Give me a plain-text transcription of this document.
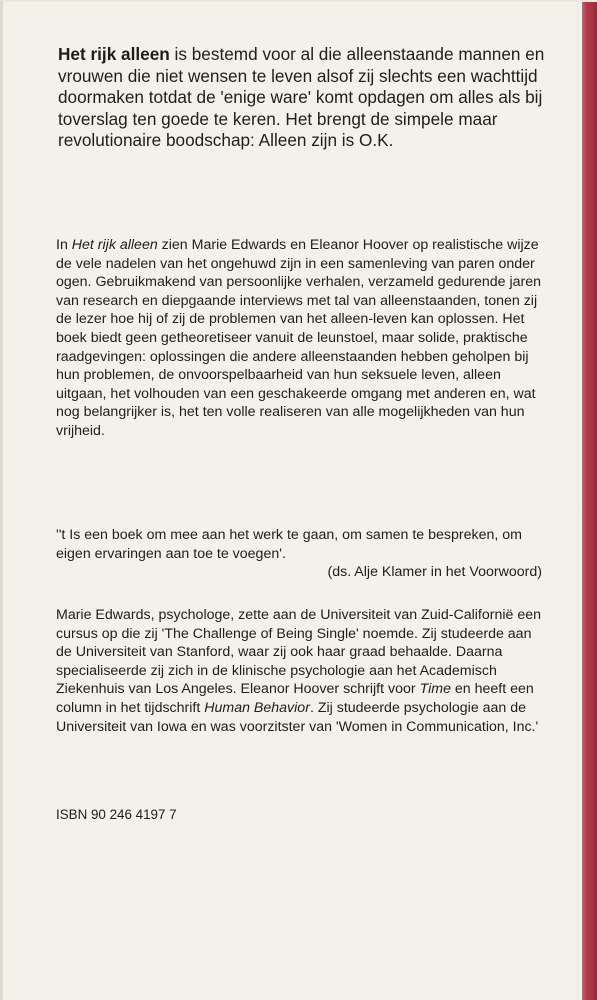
Het rijk alleen is bestemd voor al die alleenstaande mannen en vrouwen die niet wensen te leven alsof zij slechts een wachttijd doormaken totdat de 'enige ware' komt opdagen om alles als bij toverslag ten goede te keren. Het brengt de simpele maar revolutionaire boodschap: Alleen zijn is O.K.

In Het rijk alleen zien Marie Edwards en Eleanor Hoover op realistische wijze de vele nadelen van het ongehuwd zijn in een samenleving van paren onder ogen. Gebruikmakend van persoonlijke verhalen, verzameld gedurende jaren van research en diepgaande interviews met tal van alleenstaanden, tonen zij de lezer hoe hij of zij de problemen van het alleen-leven kan oplossen. Het boek biedt geen getheoretiseer vanuit de leunstoel, maar solide, praktische raadgevingen: oplossingen die andere alleenstaanden hebben geholpen bij hun problemen, de onvoorspelbaarheid van hun seksuele leven, alleen uitgaan, het volhouden van een geschakeerde omgang met anderen en, wat nog belangrijker is, het ten volle realiseren van alle mogelijkheden van hun vrijheid.

''t Is een boek om mee aan het werk te gaan, om samen te bespreken, om eigen ervaringen aan toe te voegen'.
(ds. Alje Klamer in het Voorwoord)

Marie Edwards, psychologe, zette aan de Universiteit van Zuid-Californië een cursus op die zij 'The Challenge of Being Single' noemde. Zij studeerde aan de Universiteit van Stanford, waar zij ook haar graad behaalde. Daarna specialiseerde zij zich in de klinische psychologie aan het Academisch Ziekenhuis van Los Angeles. Eleanor Hoover schrijft voor Time en heeft een column in het tijdschrift Human Behavior. Zij studeerde psychologie aan de Universiteit van Iowa en was voorzitster van 'Women in Communication, Inc.'

ISBN 90 246 4197 7
